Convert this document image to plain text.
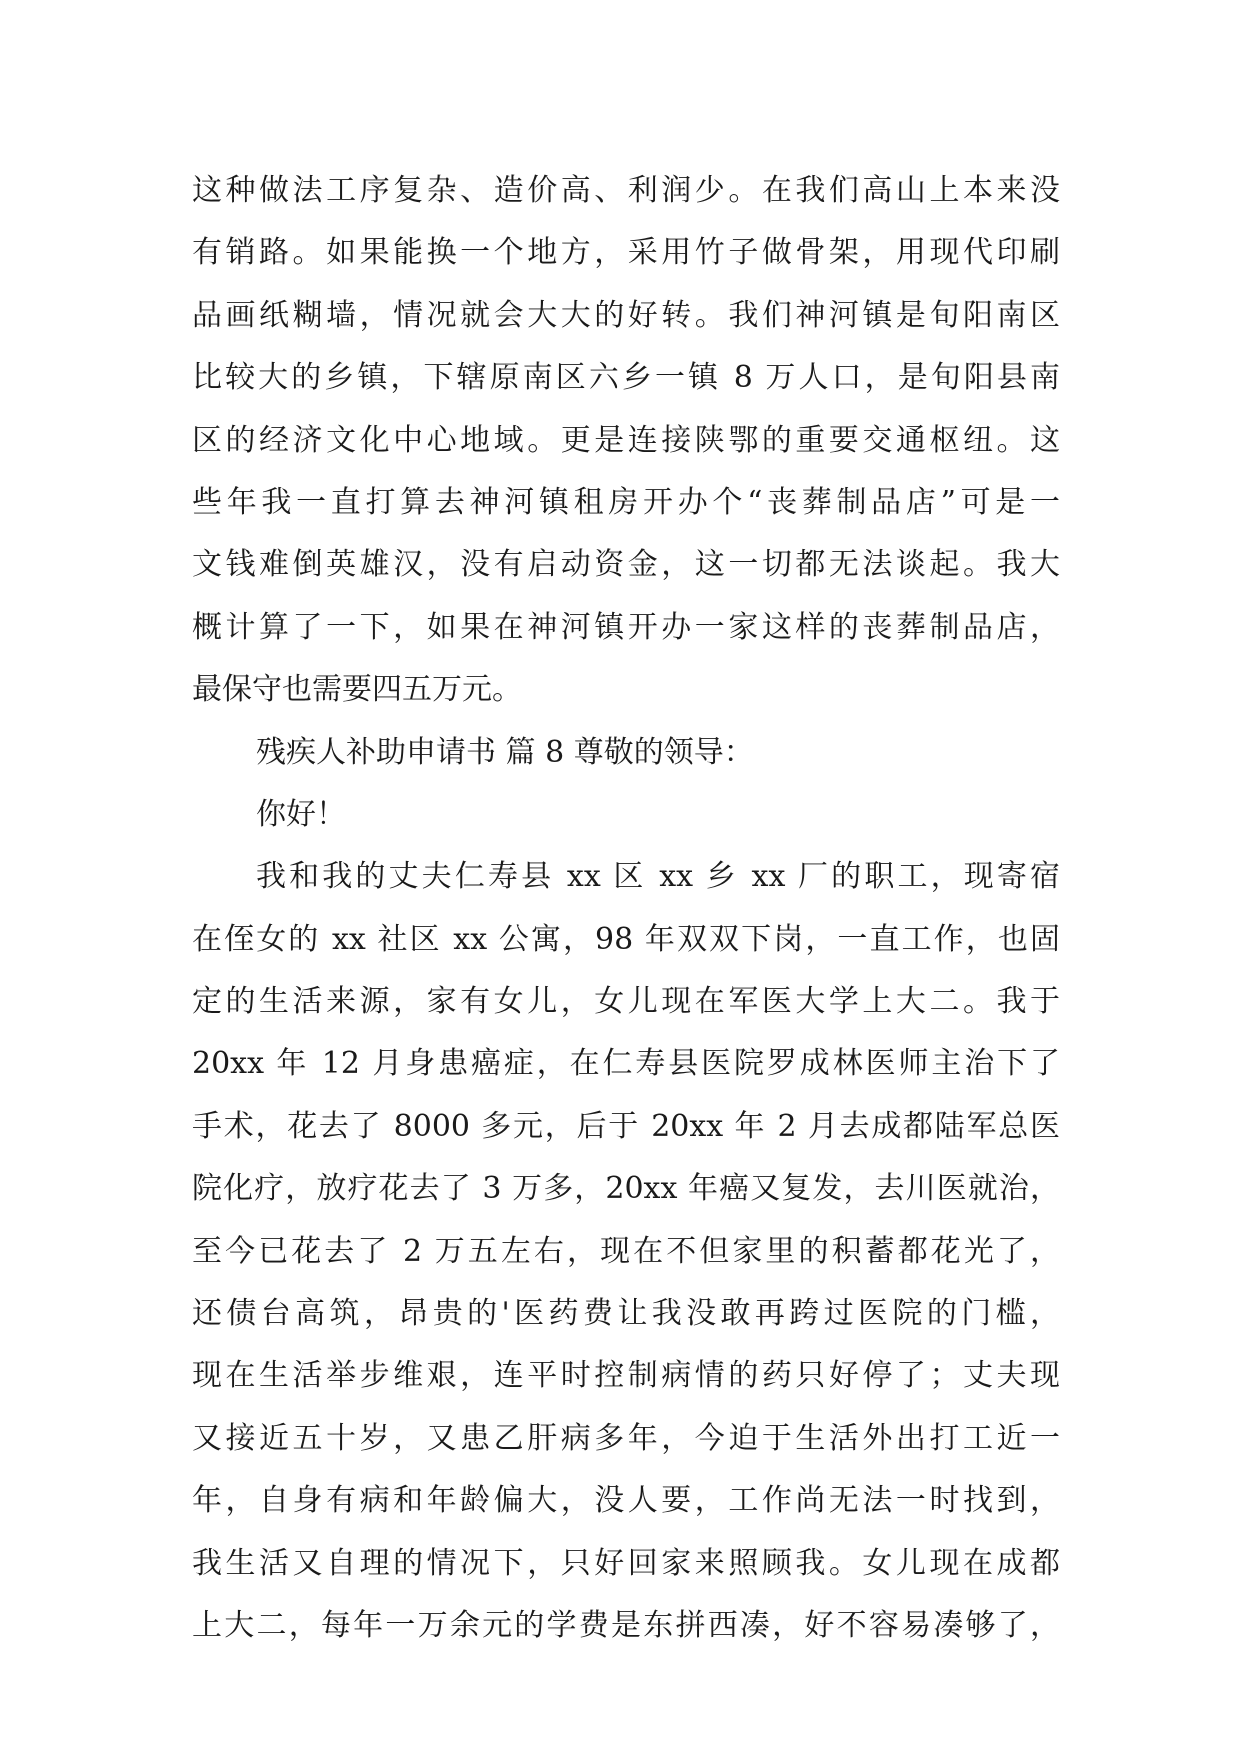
这种做法工序复杂、造价高、利润少。在我们高山上本来没
有销路。如果能换一个地方，采用竹子做骨架，用现代印刷
品画纸糊墙，情况就会大大的好转。我们神河镇是旬阳南区
比较大的乡镇，下辖原南区六乡一镇 8 万人口，是旬阳县南
区的经济文化中心地域。更是连接陕鄂的重要交通枢纽。这
些年我一直打算去神河镇租房开办个“丧葬制品店”可是一
文钱难倒英雄汉，没有启动资金，这一切都无法谈起。我大
概计算了一下，如果在神河镇开办一家这样的丧葬制品店，
最保守也需要四五万元。
残疾人补助申请书 篇 8 尊敬的领导：
你好！
我和我的丈夫仁寿县 xx 区 xx 乡 xx 厂的职工，现寄宿
在侄女的 xx 社区 xx 公寓，98 年双双下岗，一直工作，也固
定的生活来源，家有女儿，女儿现在军医大学上大二。我于
20xx 年 12 月身患癌症，在仁寿县医院罗成林医师主治下了
手术，花去了 8000 多元，后于 20xx 年 2 月去成都陆军总医
院化疗，放疗花去了 3 万多，20xx 年癌又复发，去川医就治，
至今已花去了 2 万五左右，现在不但家里的积蓄都花光了，
还债台高筑，昂贵的'医药费让我没敢再跨过医院的门槛，
现在生活举步维艰，连平时控制病情的药只好停了；丈夫现
又接近五十岁，又患乙肝病多年，今迫于生活外出打工近一
年，自身有病和年龄偏大，没人要，工作尚无法一时找到，
我生活又自理的情况下，只好回家来照顾我。女儿现在成都
上大二，每年一万余元的学费是东拼西凑，好不容易凑够了，
